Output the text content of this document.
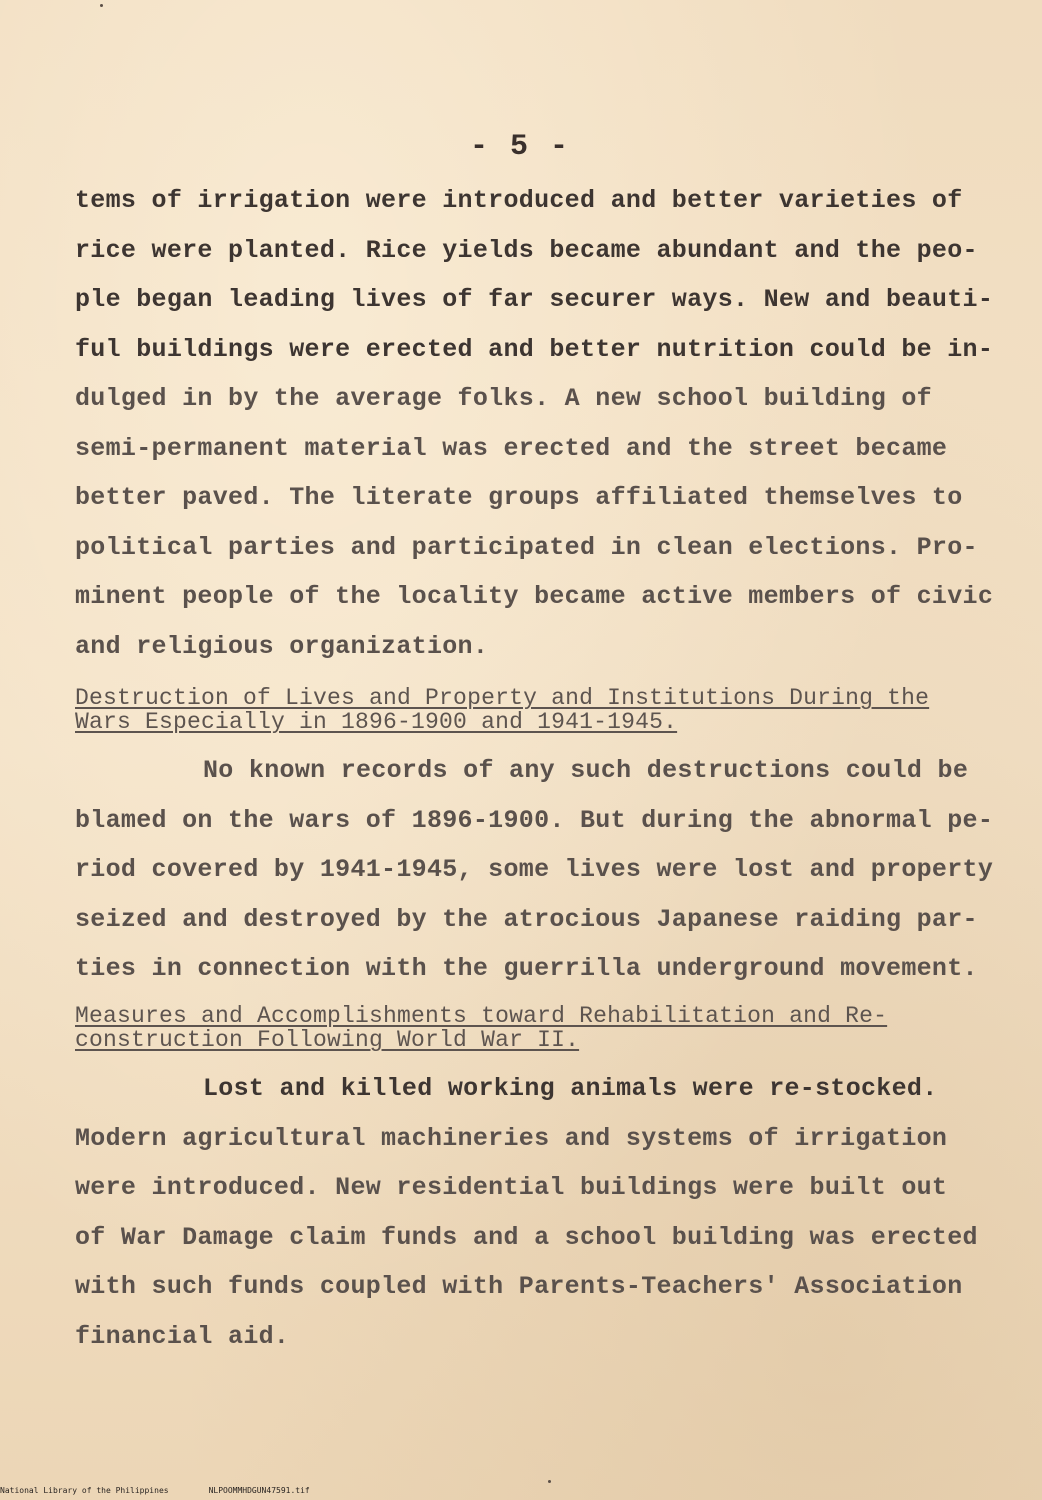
- 5 -
tems of irrigation were introduced and better varieties of
rice were planted. Rice yields became abundant and the peo-
ple began leading lives of far securer ways. New and beauti-
ful buildings were erected and better nutrition could be in-
dulged in by the average folks. A new school building of
semi-permanent material was erected and the street became
better paved. The literate groups affiliated themselves to
political parties and participated in clean elections. Pro-
minent people of the locality became active members of civic
and religious organization.
Destruction of Lives and Property and Institutions During the
Wars Especially in 1896-1900 and 1941-1945.
No known records of any such destructions could be
blamed on the wars of 1896-1900. But during the abnormal pe-
riod covered by 1941-1945, some lives were lost and property
seized and destroyed by the atrocious Japanese raiding par-
ties in connection with the guerrilla underground movement.
Measures and Accomplishments toward Rehabilitation and Re-
construction Following World War II.
Lost and killed working animals were re-stocked.
Modern agricultural machineries and systems of irrigation
were introduced. New residential buildings were built out
of War Damage claim funds and a school building was erected
with such funds coupled with Parents-Teachers' Association
financial aid.
National Library of the Philippines	NLPOOMMHDGUN47591.tif
